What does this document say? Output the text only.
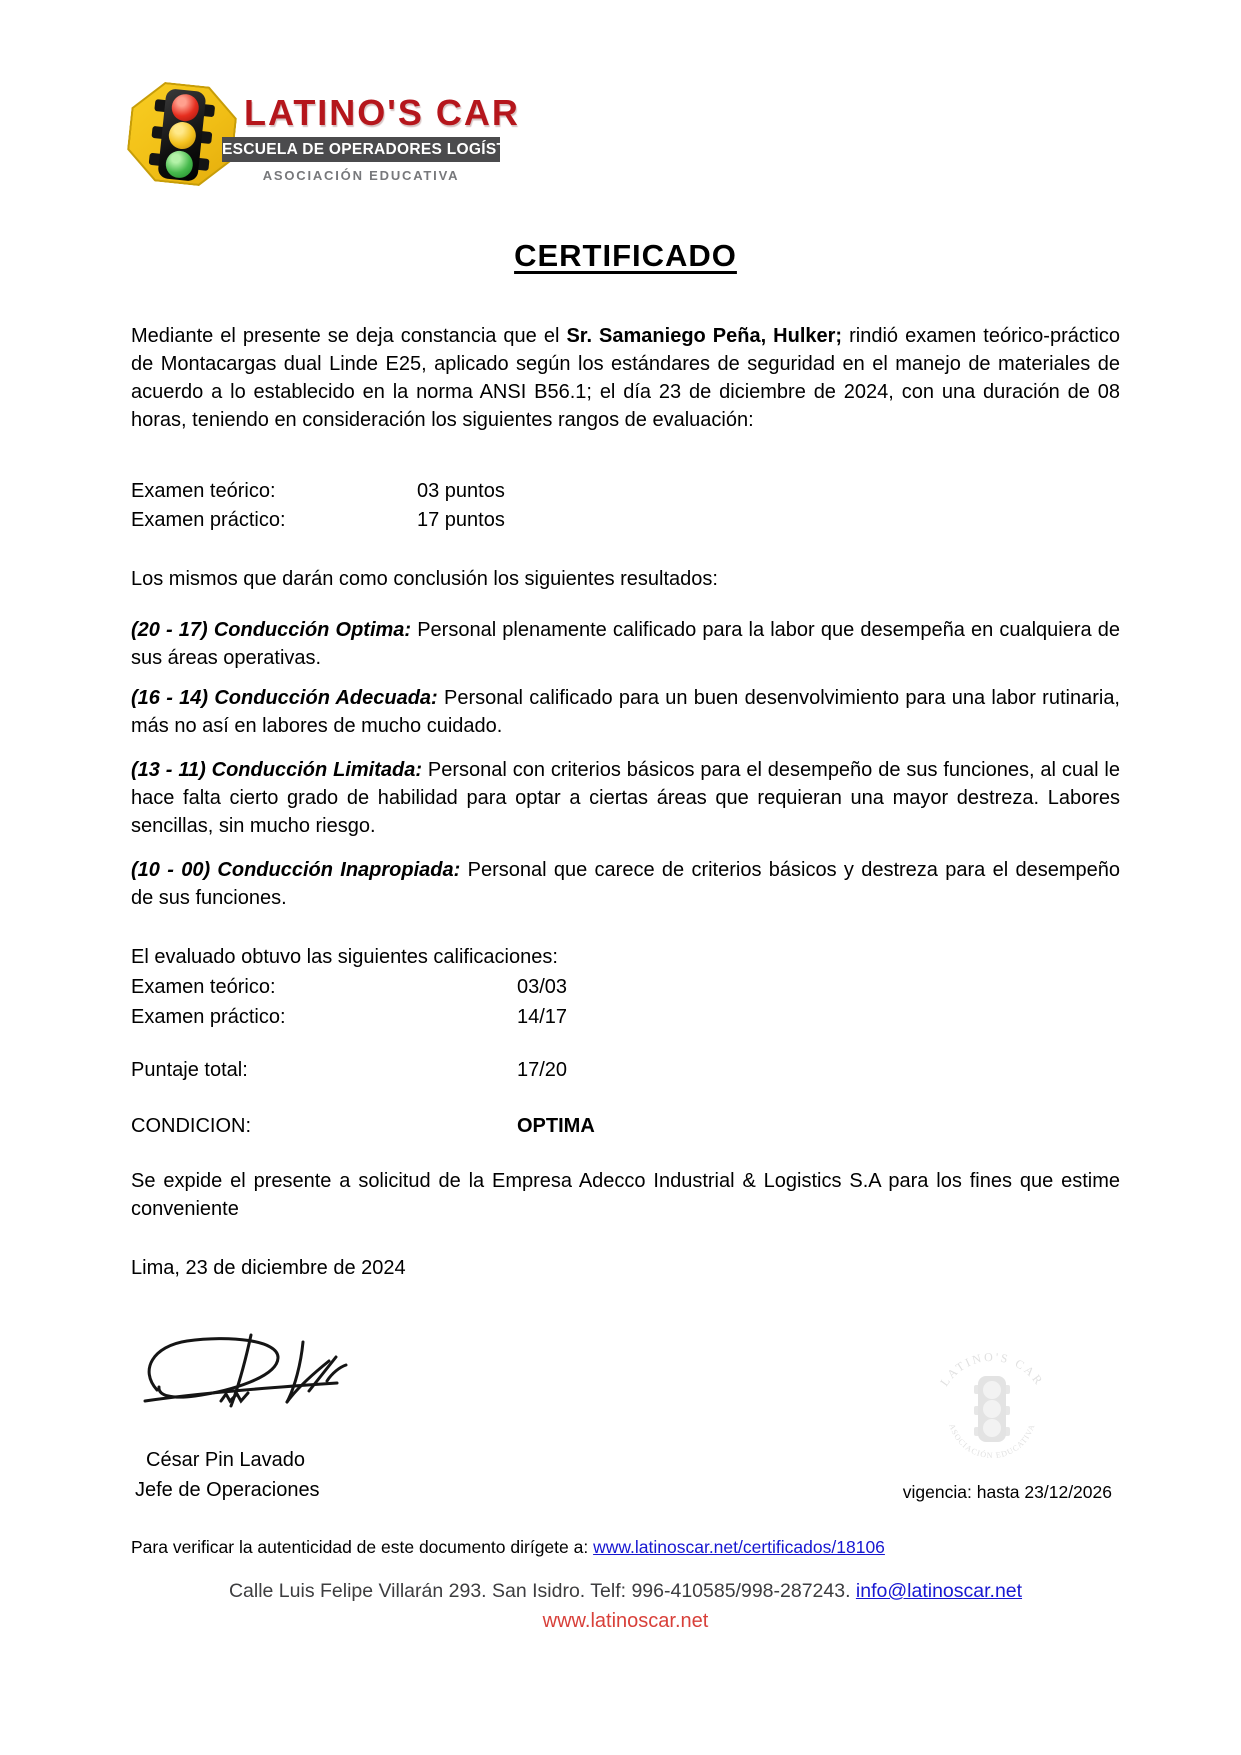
LATINO'S CAR
ESCUELA DE OPERADORES LOGÍSTICOS
ASOCIACIÓN EDUCATIVA
CERTIFICADO

Mediante el presente se deja constancia que el Sr. Samaniego Peña, Hulker; rindió examen teórico-práctico de Montacargas dual Linde E25, aplicado según los estándares de seguridad en el manejo de materiales de acuerdo a lo establecido en la norma ANSI B56.1; el día 23 de diciembre de 2024, con una duración de 08 horas, teniendo en consideración los siguientes rangos de evaluación:

Examen teórico:	03 puntos
Examen práctico:	17 puntos

Los mismos que darán como conclusión los siguientes resultados:

(20 - 17) Conducción Optima: Personal plenamente calificado para la labor que desempeña en cualquiera de sus áreas operativas.

(16 - 14) Conducción Adecuada: Personal calificado para un buen desenvolvimiento para una labor rutinaria, más no así en labores de mucho cuidado.

(13 - 11) Conducción Limitada: Personal con criterios básicos para el desempeño de sus funciones, al cual le hace falta cierto grado de habilidad para optar a ciertas áreas que requieran una mayor destreza. Labores sencillas, sin mucho riesgo.

(10 - 00) Conducción Inapropiada: Personal que carece de criterios básicos y destreza para el desempeño de sus funciones.

El evaluado obtuvo las siguientes calificaciones:
Examen teórico:	03/03
Examen práctico:	14/17
Puntaje total:	17/20
CONDICION:	OPTIMA

Se expide el presente a solicitud de la Empresa Adecco Industrial & Logistics S.A para los fines que estime conveniente

Lima, 23 de diciembre de 2024

César Pin Lavado
Jefe de Operaciones
LATINO'S CAR
ASOCIACIÓN EDUCATIVA
vigencia: hasta 23/12/2026
Para verificar la autenticidad de este documento dirígete a: www.latinoscar.net/certificados/18106
Calle Luis Felipe Villarán 293. San Isidro. Telf: 996-410585/998-287243. info@latinoscar.net
www.latinoscar.net
